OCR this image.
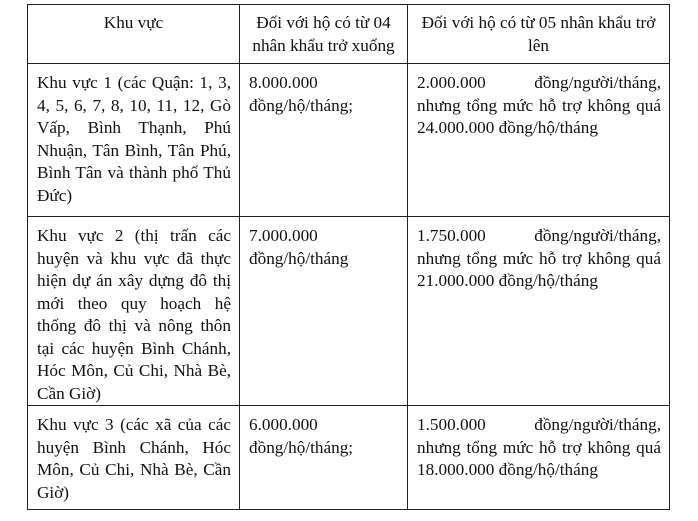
Khu vực	Đối với hộ có từ 04 nhân khẩu trở xuống	Đối với hộ có từ 05 nhân khẩu trở lên

Khu vực 1 (các Quận: 1, 3, 4, 5, 6, 7, 8, 10, 11, 12, Gò Vấp, Bình Thạnh, Phú Nhuận, Tân Bình, Tân Phú, Bình Tân và thành phố Thủ Đức)	8.000.000 đồng/hộ/tháng;	2.000.000 đồng/người/tháng, nhưng tổng mức hỗ trợ không quá 24.000.000 đồng/hộ/tháng

Khu vực 2 (thị trấn các huyện và khu vực đã thực hiện dự án xây dựng đô thị mới theo quy hoạch hệ thống đô thị và nông thôn tại các huyện Bình Chánh, Hóc Môn, Củ Chi, Nhà Bè, Cần Giờ)	7.000.000 đồng/hộ/tháng	1.750.000 đồng/người/tháng, nhưng tổng mức hỗ trợ không quá 21.000.000 đồng/hộ/tháng

Khu vực 3 (các xã của các huyện Bình Chánh, Hóc Môn, Củ Chi, Nhà Bè, Cần Giờ)	6.000.000 đồng/hộ/tháng;	1.500.000 đồng/người/tháng, nhưng tổng mức hỗ trợ không quá 18.000.000 đồng/hộ/tháng
